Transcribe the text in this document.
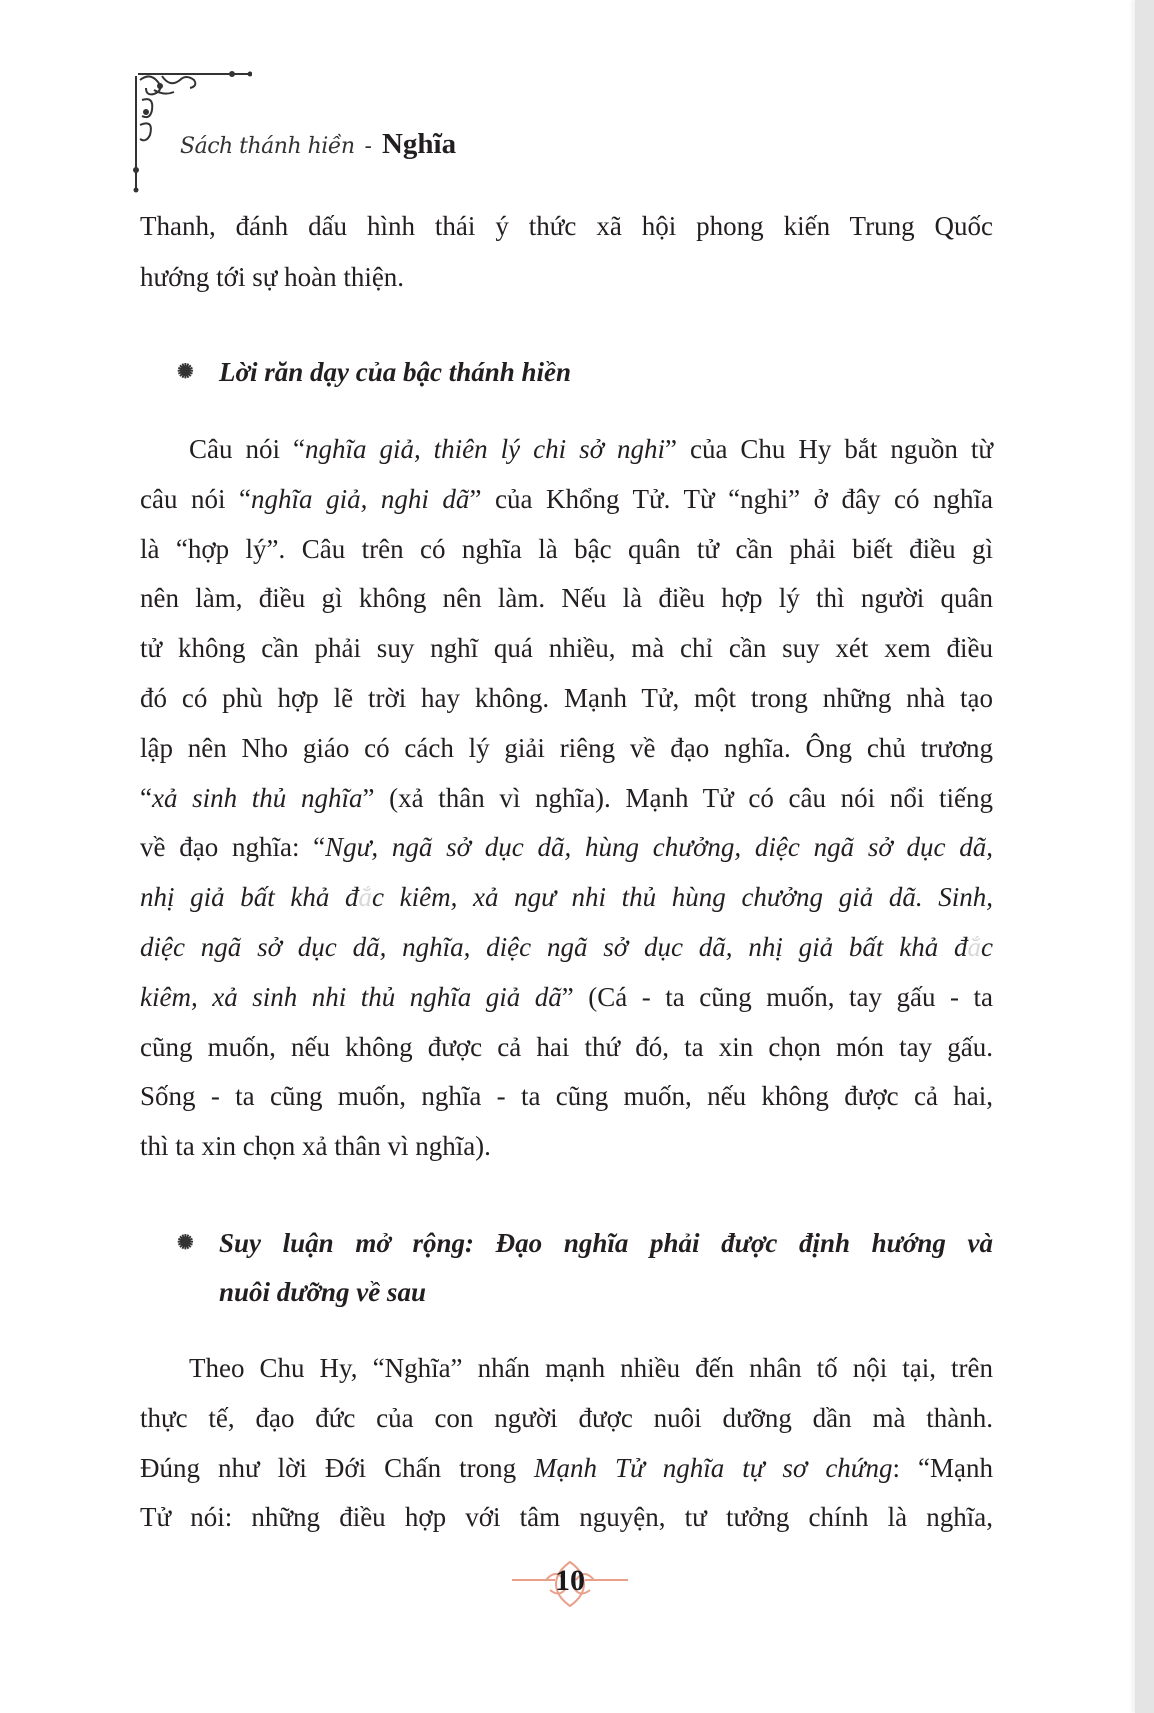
Sách thánh hiền - Nghĩa
Thanh, đánh dấu hình thái ý thức xã hội phong kiến Trung Quốc
hướng tới sự hoàn thiện.
✺ Lời răn dạy của bậc thánh hiền
Câu nói “nghĩa giả, thiên lý chi sở nghi” của Chu Hy bắt nguồn từ
câu nói “nghĩa giả, nghi dã” của Khổng Tử. Từ “nghi” ở đây có nghĩa
là “hợp lý”. Câu trên có nghĩa là bậc quân tử cần phải biết điều gì
nên làm, điều gì không nên làm. Nếu là điều hợp lý thì người quân
tử không cần phải suy nghĩ quá nhiều, mà chỉ cần suy xét xem điều
đó có phù hợp lẽ trời hay không. Mạnh Tử, một trong những nhà tạo
lập nên Nho giáo có cách lý giải riêng về đạo nghĩa. Ông chủ trương
“xả sinh thủ nghĩa” (xả thân vì nghĩa). Mạnh Tử có câu nói nổi tiếng
về đạo nghĩa: “Ngư, ngã sở dục dã, hùng chưởng, diệc ngã sở dục dã,
nhị giả bất khả đắc kiêm, xả ngư nhi thủ hùng chưởng giả dã. Sinh,
diệc ngã sở dục dã, nghĩa, diệc ngã sở dục dã, nhị giả bất khả đắc
kiêm, xả sinh nhi thủ nghĩa giả dã” (Cá - ta cũng muốn, tay gấu - ta
cũng muốn, nếu không được cả hai thứ đó, ta xin chọn món tay gấu.
Sống - ta cũng muốn, nghĩa - ta cũng muốn, nếu không được cả hai,
thì ta xin chọn xả thân vì nghĩa).
✺ Suy luận mở rộng: Đạo nghĩa phải được định hướng và
nuôi dưỡng về sau
Theo Chu Hy, “Nghĩa” nhấn mạnh nhiều đến nhân tố nội tại, trên
thực tế, đạo đức của con người được nuôi dưỡng dần mà thành.
Đúng như lời Đới Chấn trong Mạnh Tử nghĩa tự sơ chứng: “Mạnh
Tử nói: những điều hợp với tâm nguyện, tư tưởng chính là nghĩa,
10
